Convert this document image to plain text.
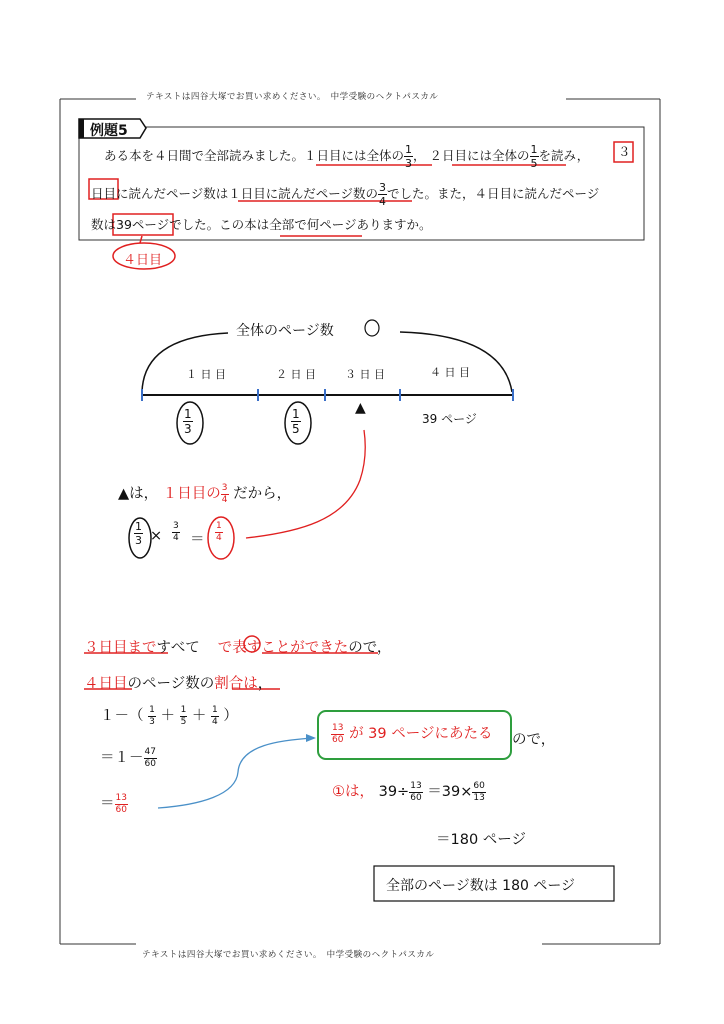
テキストは四谷大塚でお買い求めください。　中学受験のヘクトパスカル
テキストは四谷大塚でお買い求めください。　中学受験のヘクトパスカル
例題5
ある本を４日間で全部読みました。１日目には全体の $\frac{1}{3}$ ， ２日目には全体の $\frac{1}{5}$ を読み， ３
日目に読んだページ数は１日目に読んだページ数の $\frac{3}{4}$ でした。また，４日目に読んだページ
数は39ページでした。この本は全部で何ページありますか。
４日目
全体のページ数	①
１ 日 目	２ 日 目	３ 日 目	４ 日 目
$\frac{1}{3}$	$\frac{1}{5}$	▲
39 ページ
▲は， １日目の $\frac{3}{4}$ だから，
$\frac{1}{3} \times \frac{3}{4} = \frac{1}{4}$
３日目まですべて で表すことができたので，
４日目のページ数の割合は，
$1-( \frac{1}{3} + \frac{1}{5} + \frac{1}{4}$ ）
$=1- \frac{47}{60}$
＝ $\frac{13}{60}$
$\frac{13}{60}$ が 39 ページにあたる ので，
①は， $39\div \frac{13}{60} =39\times \frac{60}{13}$
＝180 ページ
全部のページ数は 180 ページ
